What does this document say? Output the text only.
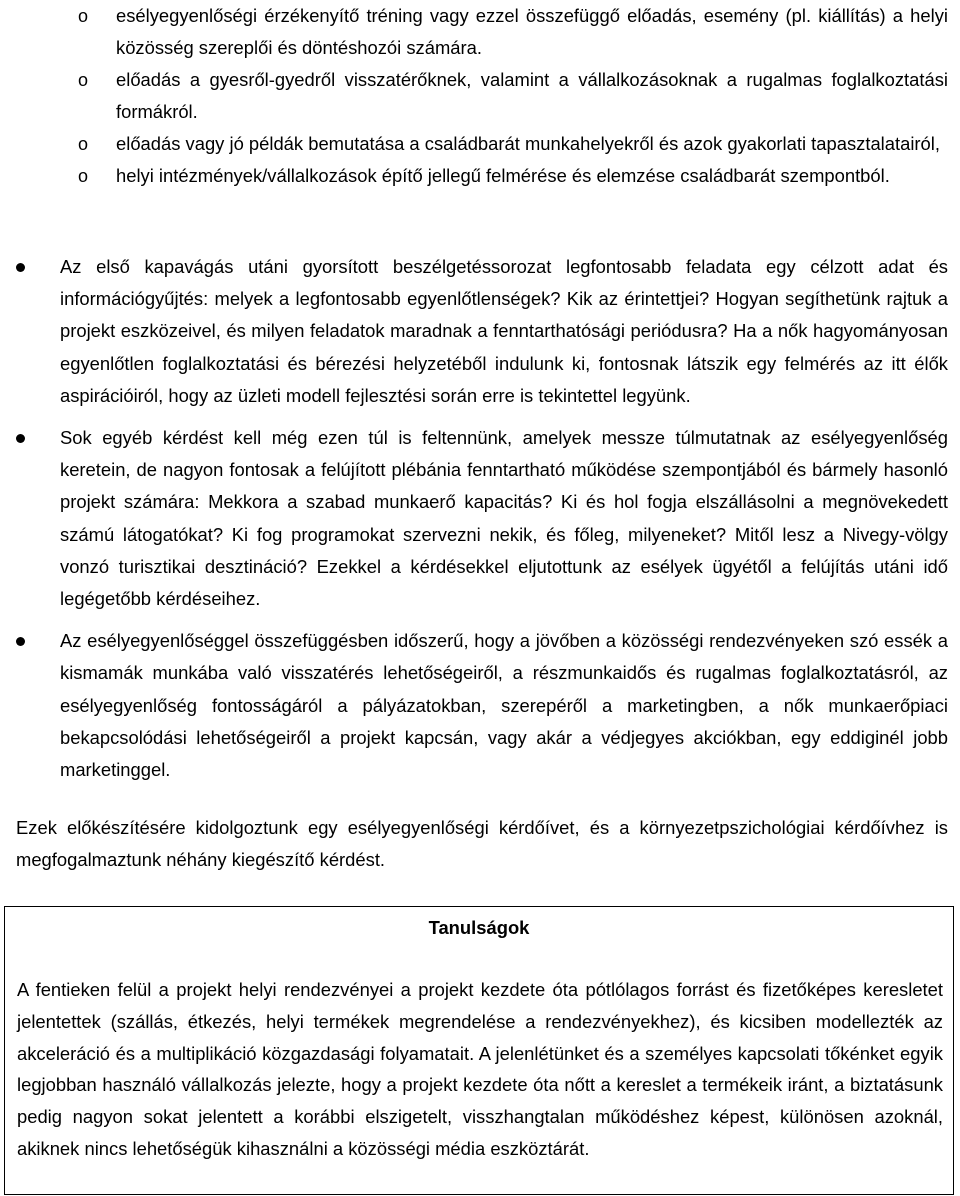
o esélyegyenlőségi érzékenyítő tréning vagy ezzel összefüggő előadás, esemény (pl. kiállítás) a helyi közösség szereplői és döntéshozói számára.
o előadás a gyesről-gyedről visszatérőknek, valamint a vállalkozásoknak a rugalmas foglalkoztatási formákról.
o előadás vagy jó példák bemutatása a családbarát munkahelyekről és azok gyakorlati tapasztalatairól,
o helyi intézmények/vállalkozások építő jellegű felmérése és elemzése családbarát szempontból.
Az első kapavágás utáni gyorsított beszélgetéssorozat legfontosabb feladata egy célzott adat és információgyűjtés: melyek a legfontosabb egyenlőtlenségek? Kik az érintettjei? Hogyan segíthetünk rajtuk a projekt eszközeivel, és milyen feladatok maradnak a fenntarthatósági periódusra? Ha a nők hagyományosan egyenlőtlen foglalkoztatási és bérezési helyzetéből indulunk ki, fontosnak látszik egy felmérés az itt élők aspirációiról, hogy az üzleti modell fejlesztési során erre is tekintettel legyünk.
Sok egyéb kérdést kell még ezen túl is feltennünk, amelyek messze túlmutatnak az esélyegyenlőség keretein, de nagyon fontosak a felújított plébánia fenntartható működése szempontjából és bármely hasonló projekt számára: Mekkora a szabad munkaerő kapacitás? Ki és hol fogja elszállásolni a megnövekedett számú látogatókat? Ki fog programokat szervezni nekik, és főleg, milyeneket? Mitől lesz a Nivegy-völgy vonzó turisztikai desztináció? Ezekkel a kérdésekkel eljutottunk az esélyek ügyétől a felújítás utáni idő legégetőbb kérdéseihez.
Az esélyegyenlőséggel összefüggésben időszerű, hogy a jövőben a közösségi rendezvényeken szó essék a kismamák munkába való visszatérés lehetőségeiről, a részmunkaidős és rugalmas foglalkoztatásról, az esélyegyenlőség fontosságáról a pályázatokban, szerepéről a marketingben, a nők munkaerőpiaci bekapcsolódási lehetőségeiről a projekt kapcsán, vagy akár a védjegyes akciókban, egy eddiginél jobb marketinggel.

Ezek előkészítésére kidolgoztunk egy esélyegyenlőségi kérdőívet, és a környezetpszichológiai kérdőívhez is megfogalmaztunk néhány kiegészítő kérdést.

Tanulságok

A fentieken felül a projekt helyi rendezvényei a projekt kezdete óta pótlólagos forrást és fizetőképes keresletet jelentettek (szállás, étkezés, helyi termékek megrendelése a rendezvényekhez), és kicsiben modellezték az akceleráció és a multiplikáció közgazdasági folyamatait. A jelenlétünket és a személyes kapcsolati tőkénket egyik legjobban használó vállalkozás jelezte, hogy a projekt kezdete óta nőtt a kereslet a termékeik iránt, a biztatásunk pedig nagyon sokat jelentett a korábbi elszigetelt, visszhangtalan működéshez képest, különösen azoknál, akiknek nincs lehetőségük kihasználni a közösségi média eszköztárát.
